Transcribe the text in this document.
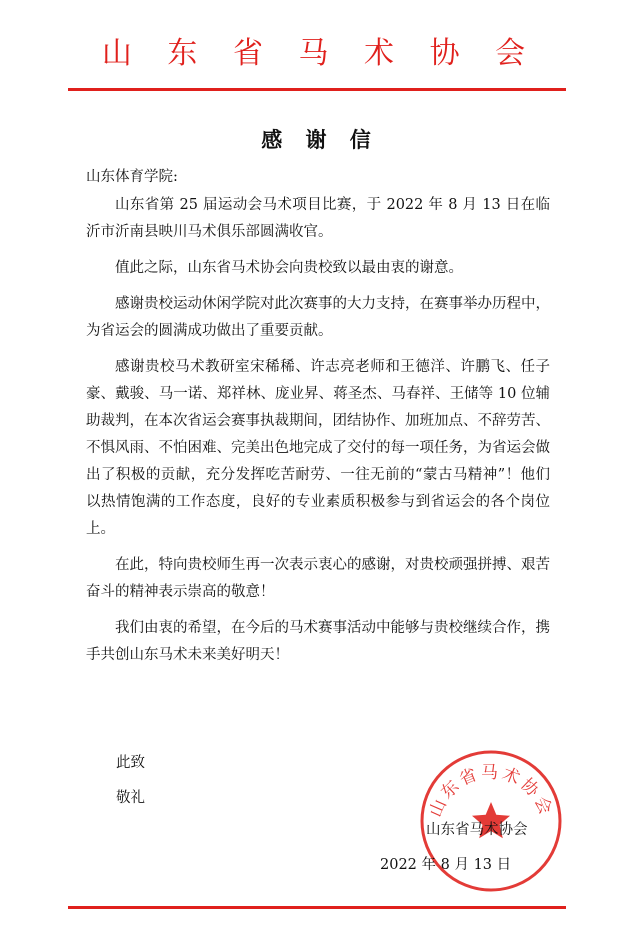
山 东 省 马 术 协 会
感 谢 信
山东体育学院:

山东省第 25 届运动会马术项目比赛，于 2022 年 8 月 13 日在临沂市沂南县映川马术俱乐部圆满收官。

值此之际，山东省马术协会向贵校致以最由衷的谢意。

感谢贵校运动休闲学院对此次赛事的大力支持，在赛事举办历程中，为省运会的圆满成功做出了重要贡献。

感谢贵校马术教研室宋稀稀、许志亮老师和王德洋、许鹏飞、任子豪、戴骏、马一诺、郑祥林、庞业昇、蒋圣杰、马春祥、王储等 10 位辅助裁判，在本次省运会赛事执裁期间，团结协作、加班加点、不辞劳苦、不惧风雨、不怕困难、完美出色地完成了交付的每一项任务，为省运会做出了积极的贡献，充分发挥吃苦耐劳、一往无前的“蒙古马精神”！他们以热情饱满的工作态度，良好的专业素质积极参与到省运会的各个岗位上。

在此，特向贵校师生再一次表示衷心的感谢，对贵校顽强拼搏、艰苦奋斗的精神表示崇高的敬意！

我们由衷的希望，在今后的马术赛事活动中能够与贵校继续合作，携手共创山东马术未来美好明天！

此致
敬礼	山东省马术协会
山东省马术协会
2022 年 8 月 13 日
